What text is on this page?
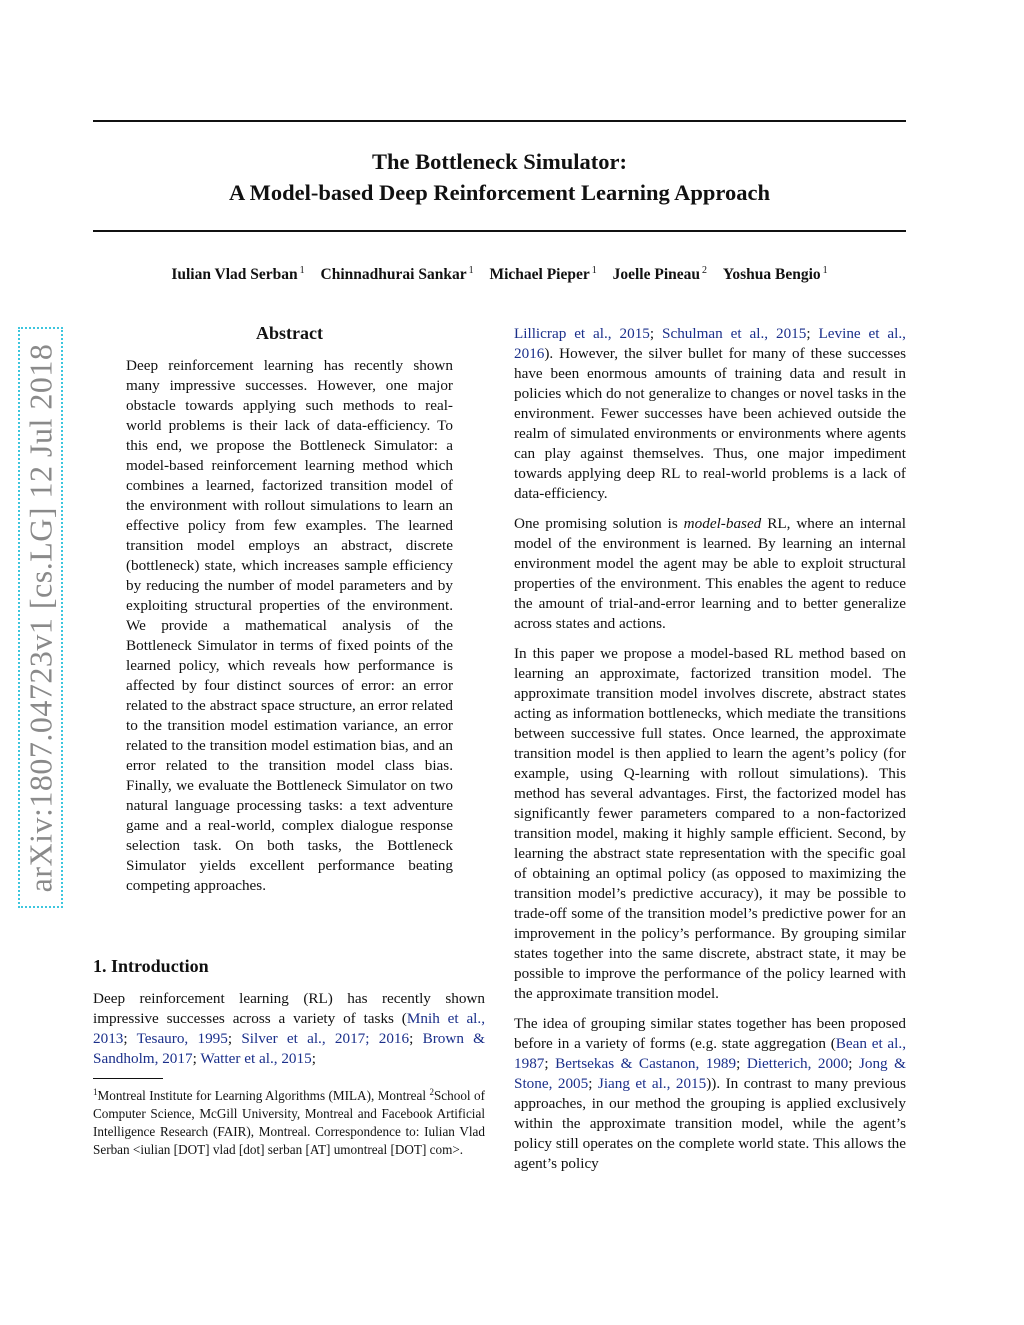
The Bottleneck Simulator:
A Model-based Deep Reinforcement Learning Approach
Iulian Vlad Serban $^1$ Chinnadhurai Sankar $^1$ Michael Pieper $^1$ Joelle Pineau $^2$ Yoshua Bengio $^1$
arXiv:1807.04723v1 [cs.LG] 12 Jul 2018
Abstract

Deep reinforcement learning has recently shown many impressive successes. However, one major obstacle towards applying such methods to real-world problems is their lack of data-efficiency. To this end, we propose the Bottleneck Simulator: a model-based reinforcement learning method which combines a learned, factorized transition model of the environment with rollout simulations to learn an effective policy from few examples. The learned transition model employs an abstract, discrete (bottleneck) state, which increases sample efficiency by reducing the number of model parameters and by exploiting structural properties of the environment. We provide a mathematical analysis of the Bottleneck Simulator in terms of fixed points of the learned policy, which reveals how performance is affected by four distinct sources of error: an error related to the abstract space structure, an error related to the transition model estimation variance, an error related to the transition model estimation bias, and an error related to the transition model class bias. Finally, we evaluate the Bottleneck Simulator on two natural language processing tasks: a text adventure game and a real-world, complex dialogue response selection task. On both tasks, the Bottleneck Simulator yields excellent performance beating competing approaches.

1. Introduction

Deep reinforcement learning (RL) has recently shown impressive successes across a variety of tasks (Mnih et al., 2013; Tesauro, 1995; Silver et al., 2017; 2016; Brown & Sandholm, 2017; Watter et al., 2015;

$^1$Montreal Institute for Learning Algorithms (MILA), Montreal $^2$School of Computer Science, McGill University, Montreal and Facebook Artificial Intelligence Research (FAIR), Montreal. Correspondence to: Iulian Vlad Serban <iulian [DOT] vlad [dot] serban [AT] umontreal [DOT] com>.

Lillicrap et al., 2015; Schulman et al., 2015; Levine et al., 2016). However, the silver bullet for many of these successes have been enormous amounts of training data and result in policies which do not generalize to changes or novel tasks in the environment. Fewer successes have been achieved outside the realm of simulated environments or environments where agents can play against themselves. Thus, one major impediment towards applying deep RL to real-world problems is a lack of data-efficiency.

One promising solution is model-based RL, where an internal model of the environment is learned. By learning an internal environment model the agent may be able to exploit structural properties of the environment. This enables the agent to reduce the amount of trial-and-error learning and to better generalize across states and actions.

In this paper we propose a model-based RL method based on learning an approximate, factorized transition model. The approximate transition model involves discrete, abstract states acting as information bottlenecks, which mediate the transitions between successive full states. Once learned, the approximate transition model is then applied to learn the agent’s policy (for example, using Q-learning with rollout simulations). This method has several advantages. First, the factorized model has significantly fewer parameters compared to a non-factorized transition model, making it highly sample efficient. Second, by learning the abstract state representation with the specific goal of obtaining an optimal policy (as opposed to maximizing the transition model’s predictive accuracy), it may be possible to trade-off some of the transition model’s predictive power for an improvement in the policy’s performance. By grouping similar states together into the same discrete, abstract state, it may be possible to improve the performance of the policy learned with the approximate transition model.

The idea of grouping similar states together has been proposed before in a variety of forms (e.g. state aggregation (Bean et al., 1987; Bertsekas & Castanon, 1989; Dietterich, 2000; Jong & Stone, 2005; Jiang et al., 2015)). In contrast to many previous approaches, in our method the grouping is applied exclusively within the approximate transition model, while the agent’s policy still operates on the complete world state. This allows the agent’s policy
